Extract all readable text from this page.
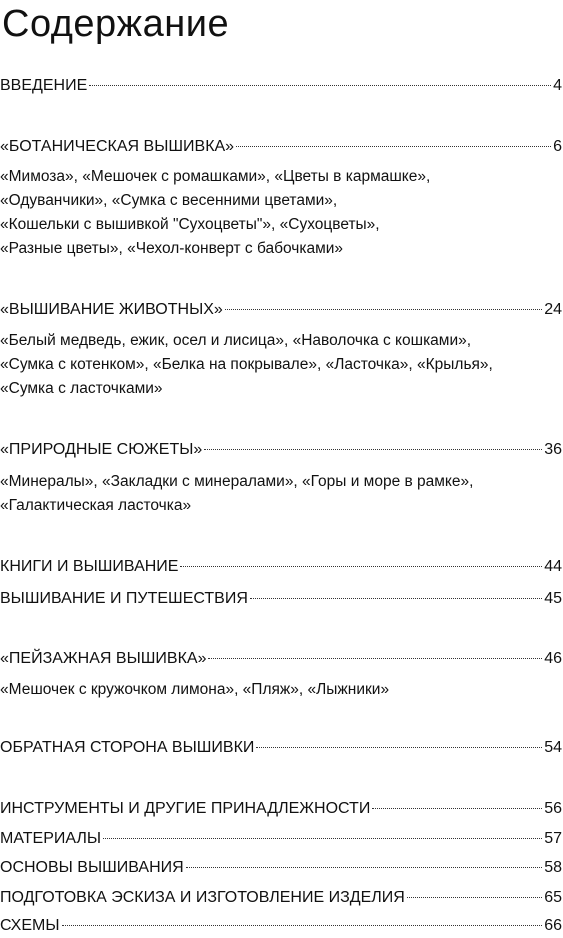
Содержание
ВВЕДЕНИЕ	4
«БОТАНИЧЕСКАЯ ВЫШИВКА»	6
«Мимоза», «Мешочек с ромашками», «Цветы в кармашке»,
«Одуванчики», «Сумка с весенними цветами»,
«Кошельки с вышивкой "Сухоцветы"», «Сухоцветы»,
«Разные цветы», «Чехол-конверт с бабочками»
«ВЫШИВАНИЕ ЖИВОТНЫХ»	24
«Белый медведь, ежик, осел и лисица», «Наволочка с кошками»,
«Сумка с котенком», «Белка на покрывале», «Ласточка», «Крылья»,
«Сумка с ласточками»
«ПРИРОДНЫЕ СЮЖЕТЫ»	36
«Минералы», «Закладки с минералами», «Горы и море в рамке»,
«Галактическая ласточка»
КНИГИ И ВЫШИВАНИЕ	44
ВЫШИВАНИЕ И ПУТЕШЕСТВИЯ	45
«ПЕЙЗАЖНАЯ ВЫШИВКА»	46
«Мешочек с кружочком лимона», «Пляж», «Лыжники»
ОБРАТНАЯ СТОРОНА ВЫШИВКИ	54
ИНСТРУМЕНТЫ И ДРУГИЕ ПРИНАДЛЕЖНОСТИ	56
МАТЕРИАЛЫ	57
ОСНОВЫ ВЫШИВАНИЯ	58
ПОДГОТОВКА ЭСКИЗА И ИЗГОТОВЛЕНИЕ ИЗДЕЛИЯ	65
СХЕМЫ	66
